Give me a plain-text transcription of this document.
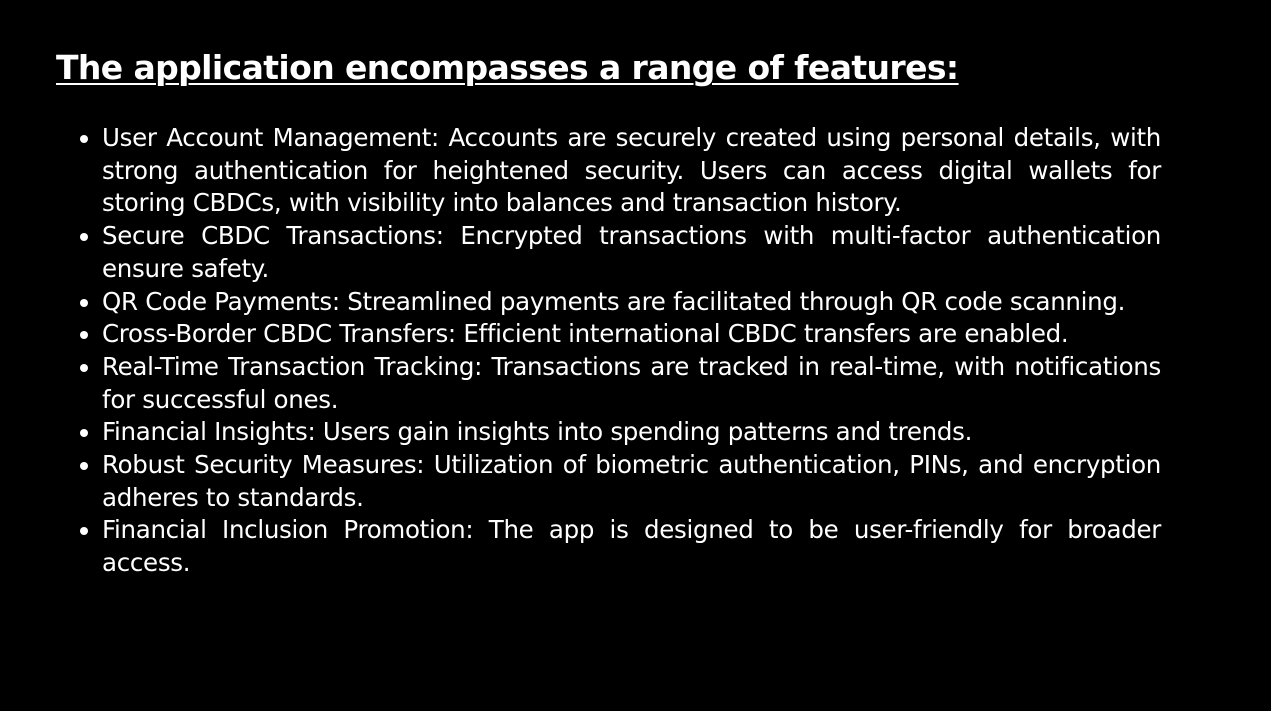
The application encompasses a range of features:
User Account Management: Accounts are securely created using personal details, with strong authentication for heightened security. Users can access digital wallets for storing CBDCs, with visibility into balances and transaction history.
Secure CBDC Transactions: Encrypted transactions with multi-factor authentication ensure safety.
QR Code Payments: Streamlined payments are facilitated through QR code scanning.
Cross-Border CBDC Transfers: Efficient international CBDC transfers are enabled.
Real-Time Transaction Tracking: Transactions are tracked in real-time, with notifications for successful ones.
Financial Insights: Users gain insights into spending patterns and trends.
Robust Security Measures: Utilization of biometric authentication, PINs, and encryption adheres to standards.
Financial Inclusion Promotion: The app is designed to be user-friendly for broader access.
